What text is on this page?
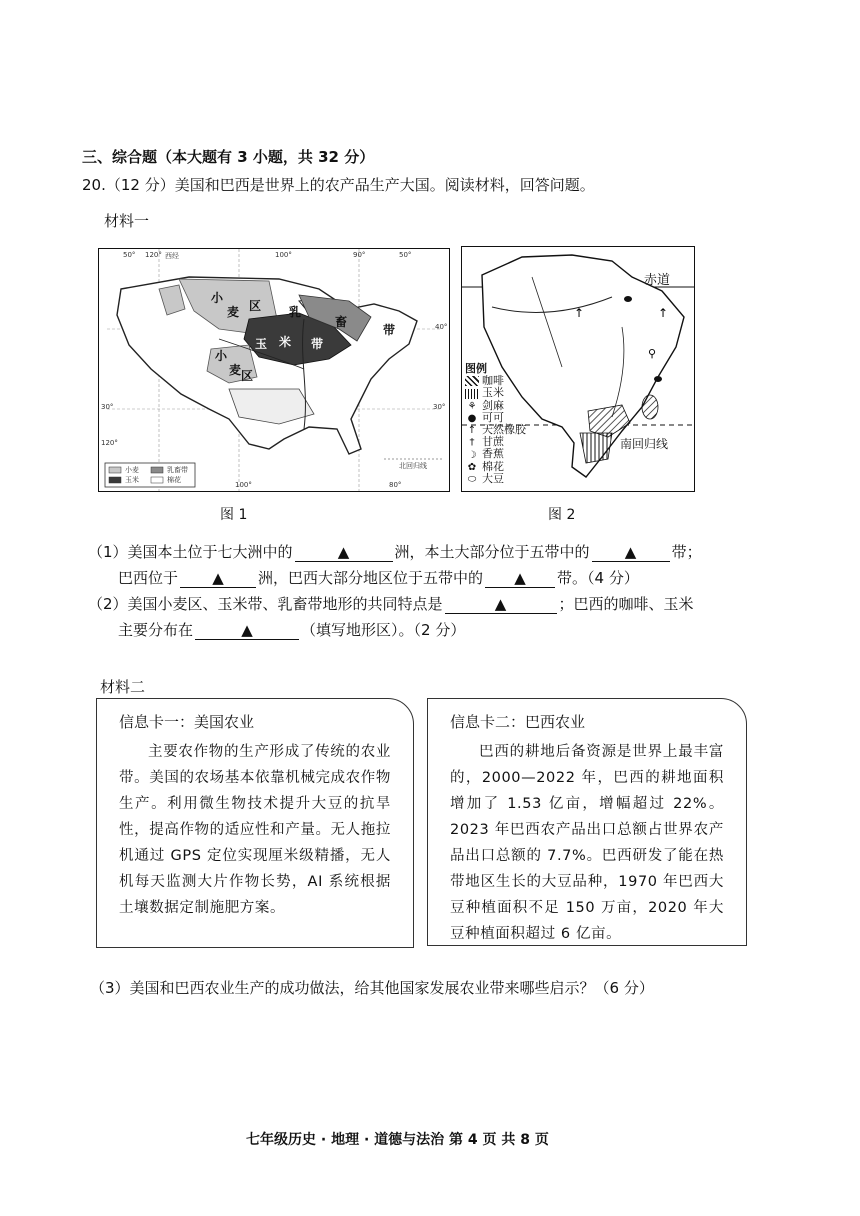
三、综合题（本大题有 3 小题，共 32 分）
20.（12 分）美国和巴西是世界上的农产品生产大国。阅读材料，回答问题。
材料一
50° 120° 西经	100°	90°	50°
40°
30°	30°
120°
100°	80°
北回归线
小
麦 区 乳
畜
带
玉 米 带
小
麦 区
小麦	乳畜带
玉米	棉花
图 1
↑	↑
⚲
赤道
南回归线
图例
咖啡
玉米
⚘ 剑麻
● 可可
↑ 天然橡胶
† 甘蔗
☽ 香蕉
✿ 棉花
⬭ 大豆
图 2
（1）美国本土位于七大洲中的	▲	洲，本土大部分位于五带中的 ▲ 带；
巴西位于 ▲ 洲，巴西大部分地区位于五带中的 ▲ 带。（4 分）
（2）美国小麦区、玉米带、乳畜带地形的共同特点是	▲	；巴西的咖啡、玉米
主要分布在	▲	（填写地形区）。（2 分）
材料二
信息卡一：美国农业
主要农作物的生产形成了传统的农业带。美国的农场基本依靠机械完成农作物生产。利用微生物技术提升大豆的抗旱性，提高作物的适应性和产量。无人拖拉机通过 GPS 定位实现厘米级精播，无人机每天监测大片作物长势，AI 系统根据土壤数据定制施肥方案。
信息卡二：巴西农业
巴西的耕地后备资源是世界上最丰富的，2000—2022 年，巴西的耕地面积增加了 1.53 亿亩，增幅超过 22%。2023 年巴西农产品出口总额占世界农产品出口总额的 7.7%。巴西研发了能在热带地区生长的大豆品种，1970 年巴西大豆种植面积不足 150 万亩，2020 年大豆种植面积超过 6 亿亩。
（3）美国和巴西农业生产的成功做法，给其他国家发展农业带来哪些启示？（6 分）
七年级历史 · 地理 · 道德与法治 第 4 页 共 8 页
